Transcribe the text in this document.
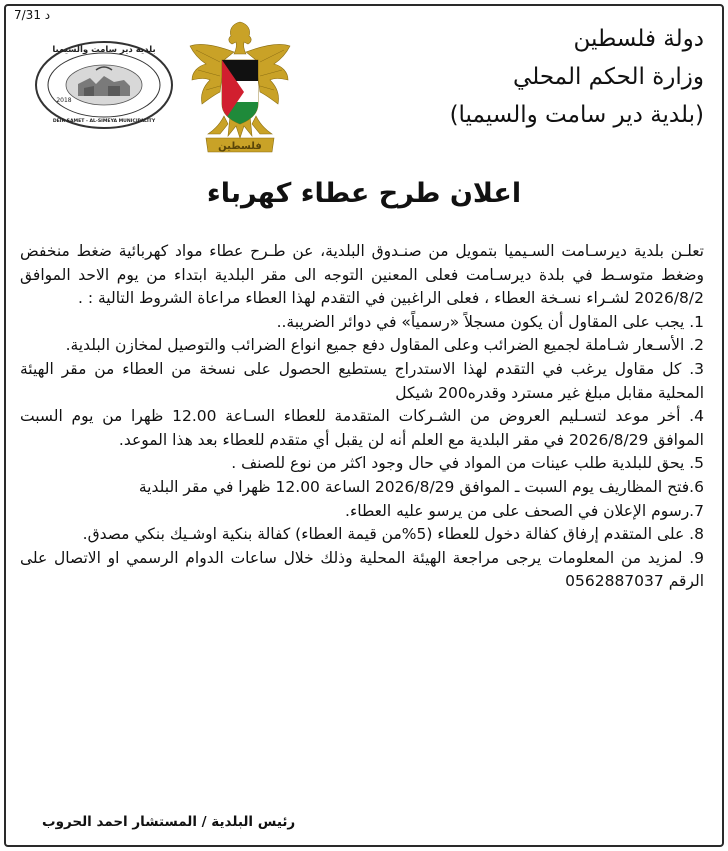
7/31 د
دولة فلسطين
وزارة الحكم المحلي
(بلدية دير سامت والسيميا)
فلسطين
بلدية دير سامت والسيميا
2018
DEIR SAMET - AL-SIMEYA MUNICIPALITY
اعلان طرح عطاء كهرباء

تعلـن بلدية ديرسـامت السـيميا بتمويل من صنـدوق البلدية، عن طـرح عطاء مواد كهربائية ضغط منخفض وضغط متوسـط في بلدة ديرسـامت فعلى المعنين التوجه الى مقر البلدية ابتداء من يوم الاحد الموافق 2026/8/2 لشـراء نسـخة العطاء ، فعلى الراغبين في التقدم لهذا العطاء مراعاة الشروط التالية : .

1. يجب على المقاول أن يكون مسجلاً «رسمياً» في دوائر الضريبة..

2. الأسـعار شـاملة لجميع الضرائب وعلى المقاول دفع جميع انواع الضرائب والتوصيل لمخازن البلدية.

3. كل مقاول يرغب في التقدم لهذا الاستدراج يستطيع الحصول على نسخة من العطاء من مقر الهيئة المحلية مقابل مبلغ غير مسترد وقدره200 شيكل

4. أخر موعد لتسـليم العروض من الشـركات المتقدمة للعطاء السـاعة 12.00 ظهرا من يوم السبت الموافق 2026/8/29 في مقر البلدية مع العلم أنه لن يقبل أي متقدم للعطاء بعد هذا الموعد.

5. يحق للبلدية طلب عينات من المواد في حال وجود اكثر من نوع للصنف .

6.فتح المظاريف يوم السبت ـ الموافق 2026/8/29 الساعة 12.00 ظهرا في مقر البلدية

7.رسوم الإعلان في الصحف على من يرسو عليه العطاء.

8. على المتقدم إرفاق كفالة دخول للعطاء (5%من قيمة العطاء) كفالة بنكية اوشـيك بنكي مصدق.

9. لمزيد من المعلومات يرجى مراجعة الهيئة المحلية وذلك خلال ساعات الدوام الرسمي او الاتصال على الرقم 0562887037

رئيس البلدية / المستشار احمد الحروب
